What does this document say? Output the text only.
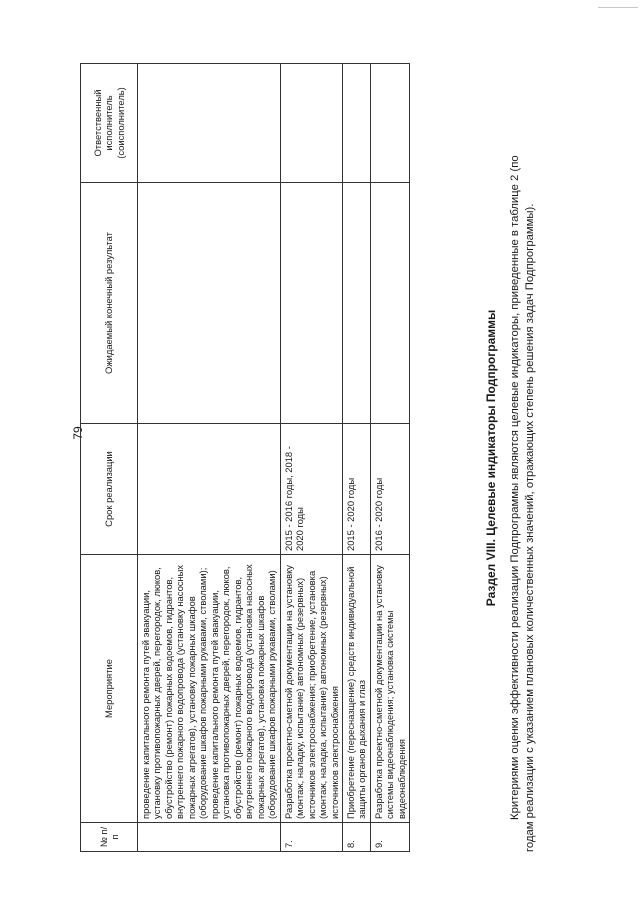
79
№ п/п	Мероприятие	Срок реализации	Ожидаемый конечный результат	Ответственный исполнитель (соисполнитель)
	проведение капитального ремонта путей эвакуации, установку противопожарных дверей, перегородок, люков, обустройство (ремонт) пожарных водоемов, гидрантов, внутреннего пожарного водопровода (установку насосных пожарных агрегатов), установку пожарных шкафов (оборудование шкафов пожарными рукавами, стволами); проведение капитального ремонта путей эвакуации, установка противопожарных дверей, перегородок, люков, обустройство (ремонт) пожарных водоемов, гидрантов, внутреннего пожарного водопровода (установка насосных пожарных агрегатов), установка пожарных шкафов (оборудование шкафов пожарными рукавами, стволами)			
7.	Разработка проектно-сметной документации на установку (монтаж, наладку, испытание) автономных (резервных) источников электроснабжения; приобретение, установка (монтаж, наладка, испытание) автономных (резервных) источников электроснабжения	2015 - 2016 годы, 2018 - 2020 годы		
8.	Приобретение (пересназщение) средств индивидуальной защиты органов дыхания и глаз	2015 - 2020 годы		
9.	Разработка проектно-сметной документации на установку системы видеонаблюдения; установка системы видеонаблюдения	2016 - 2020 годы			Раздел VIII. Целевые индикаторы Подпрограммы Критериями оценки эффективности реализации Подпрограммы являются целевые индикаторы, приведенные в таблице 2 (по годам реализации с указанием плановых количественных значений, отражающих степень решения задач Подпрограммы).
